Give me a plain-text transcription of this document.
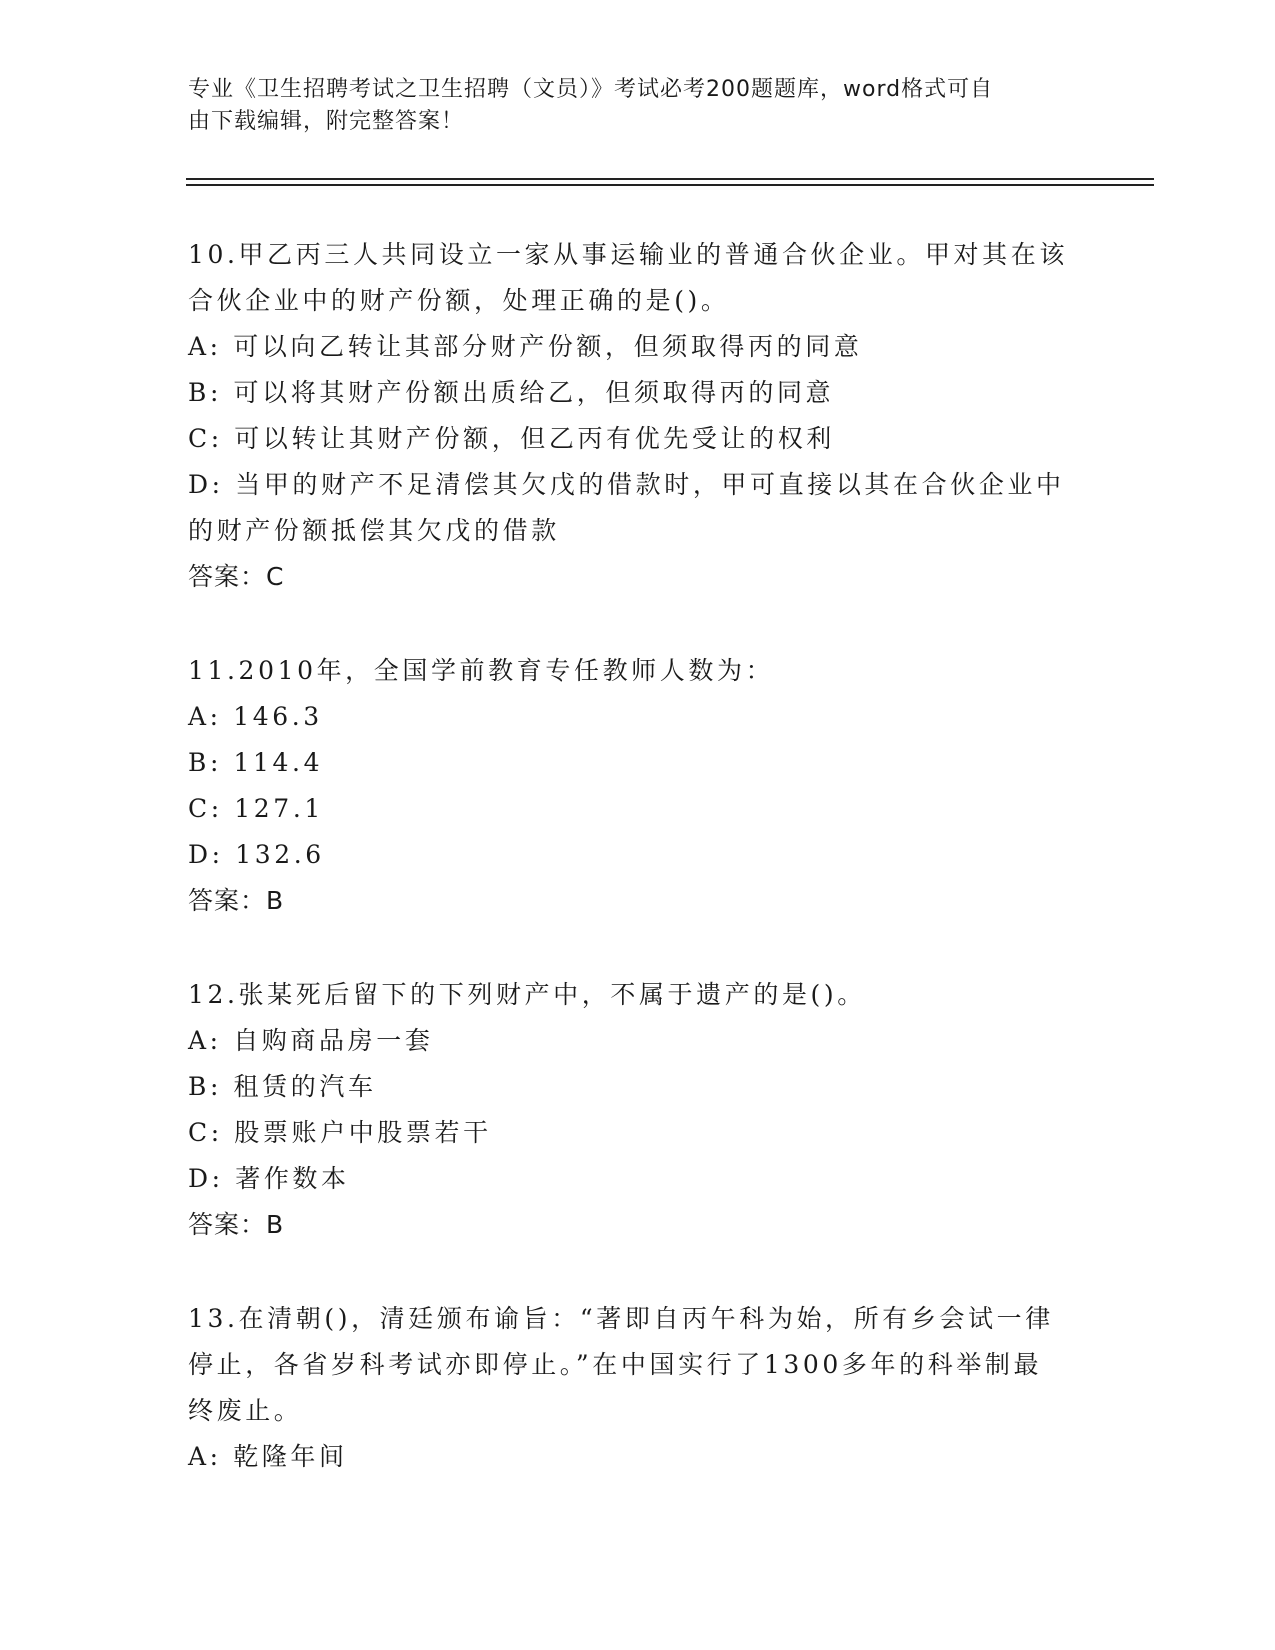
专业《卫生招聘考试之卫生招聘（文员）》考试必考200题题库，word格式可自
由下载编辑，附完整答案！
10.甲乙丙三人共同设立一家从事运输业的普通合伙企业。甲对其在该
合伙企业中的财产份额，处理正确的是()。
A: 可以向乙转让其部分财产份额，但须取得丙的同意
B: 可以将其财产份额出质给乙，但须取得丙的同意
C: 可以转让其财产份额，但乙丙有优先受让的权利
D: 当甲的财产不足清偿其欠戊的借款时，甲可直接以其在合伙企业中
的财产份额抵偿其欠戊的借款
答案：C
11.2010年，全国学前教育专任教师人数为：
A: 146.3
B: 114.4
C: 127.1
D: 132.6
答案：B
12.张某死后留下的下列财产中，不属于遗产的是()。
A: 自购商品房一套
B: 租赁的汽车
C: 股票账户中股票若干
D: 著作数本
答案：B
13.在清朝()，清廷颁布谕旨：“著即自丙午科为始，所有乡会试一律
停止，各省岁科考试亦即停止。”在中国实行了1300多年的科举制最
终废止。
A: 乾隆年间
